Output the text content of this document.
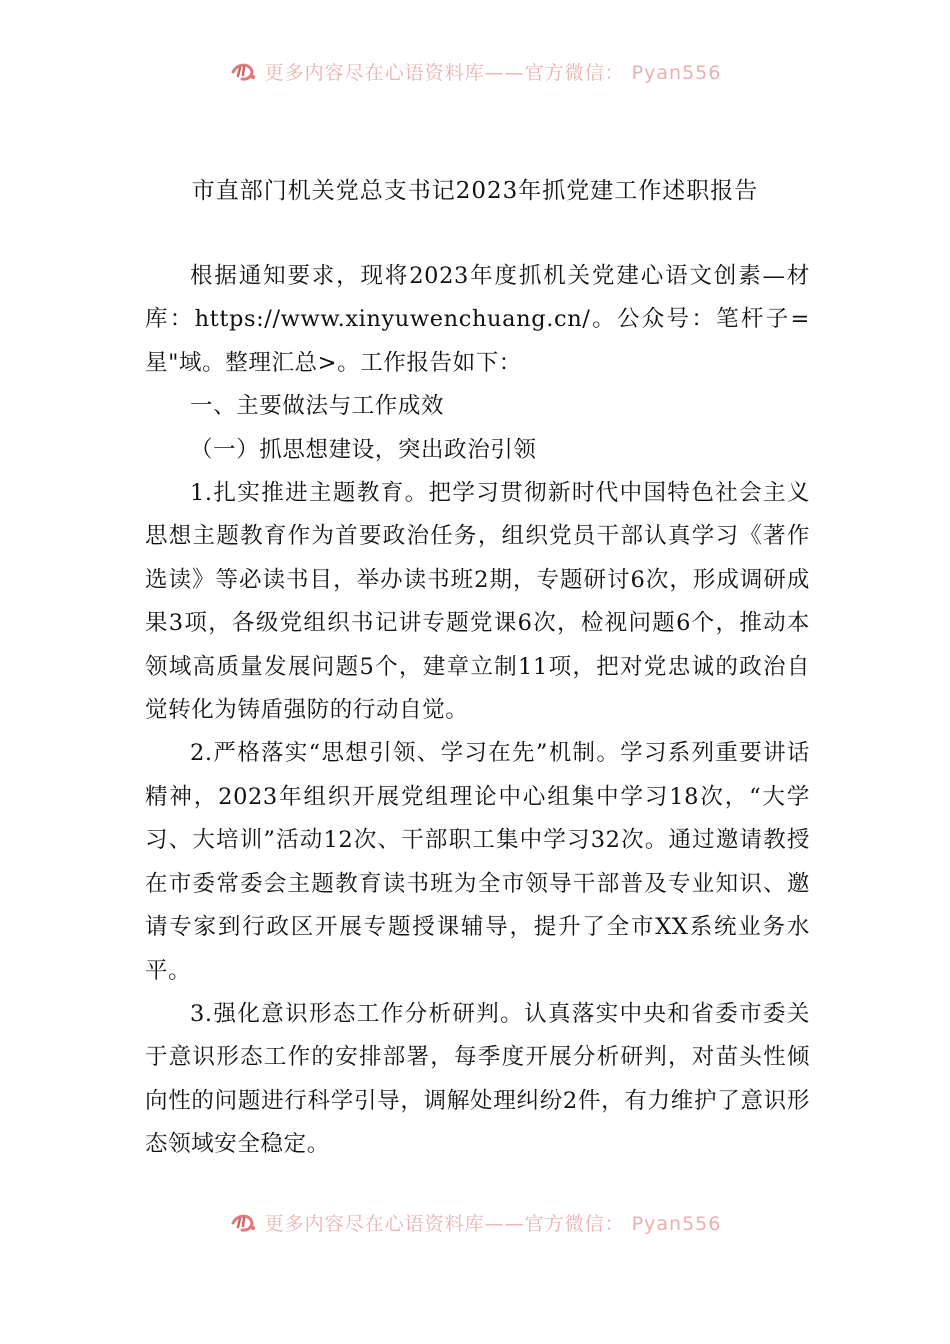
更多内容尽在心语资料库——官方微信： Pyan556
市直部门机关党总支书记2023年抓党建工作述职报告

根据通知要求，现将2023年度抓机关党建心语文创素—材库：https://www.xinyuwenchuang.cn/。公众号：笔杆子=星"域。整理汇总>。工作报告如下：

一、主要做法与工作成效

（一）抓思想建设，突出政治引领

1.扎实推进主题教育。把学习贯彻新时代中国特色社会主义思想主题教育作为首要政治任务，组织党员干部认真学习《著作选读》等必读书目，举办读书班2期，专题研讨6次，形成调研成果3项，各级党组织书记讲专题党课6次，检视问题6个，推动本领域高质量发展问题5个，建章立制11项，把对党忠诚的政治自觉转化为铸盾强防的行动自觉。

2.严格落实“思想引领、学习在先”机制。学习系列重要讲话精神，2023年组织开展党组理论中心组集中学习18次，“大学习、大培训”活动12次、干部职工集中学习32次。通过邀请教授在市委常委会主题教育读书班为全市领导干部普及专业知识、邀请专家到行政区开展专题授课辅导，提升了全市XX系统业务水平。

3.强化意识形态工作分析研判。认真落实中央和省委市委关于意识形态工作的安排部署，每季度开展分析研判，对苗头性倾向性的问题进行科学引导，调解处理纠纷2件，有力维护了意识形态领域安全稳定。

更多内容尽在心语资料库——官方微信： Pyan556
